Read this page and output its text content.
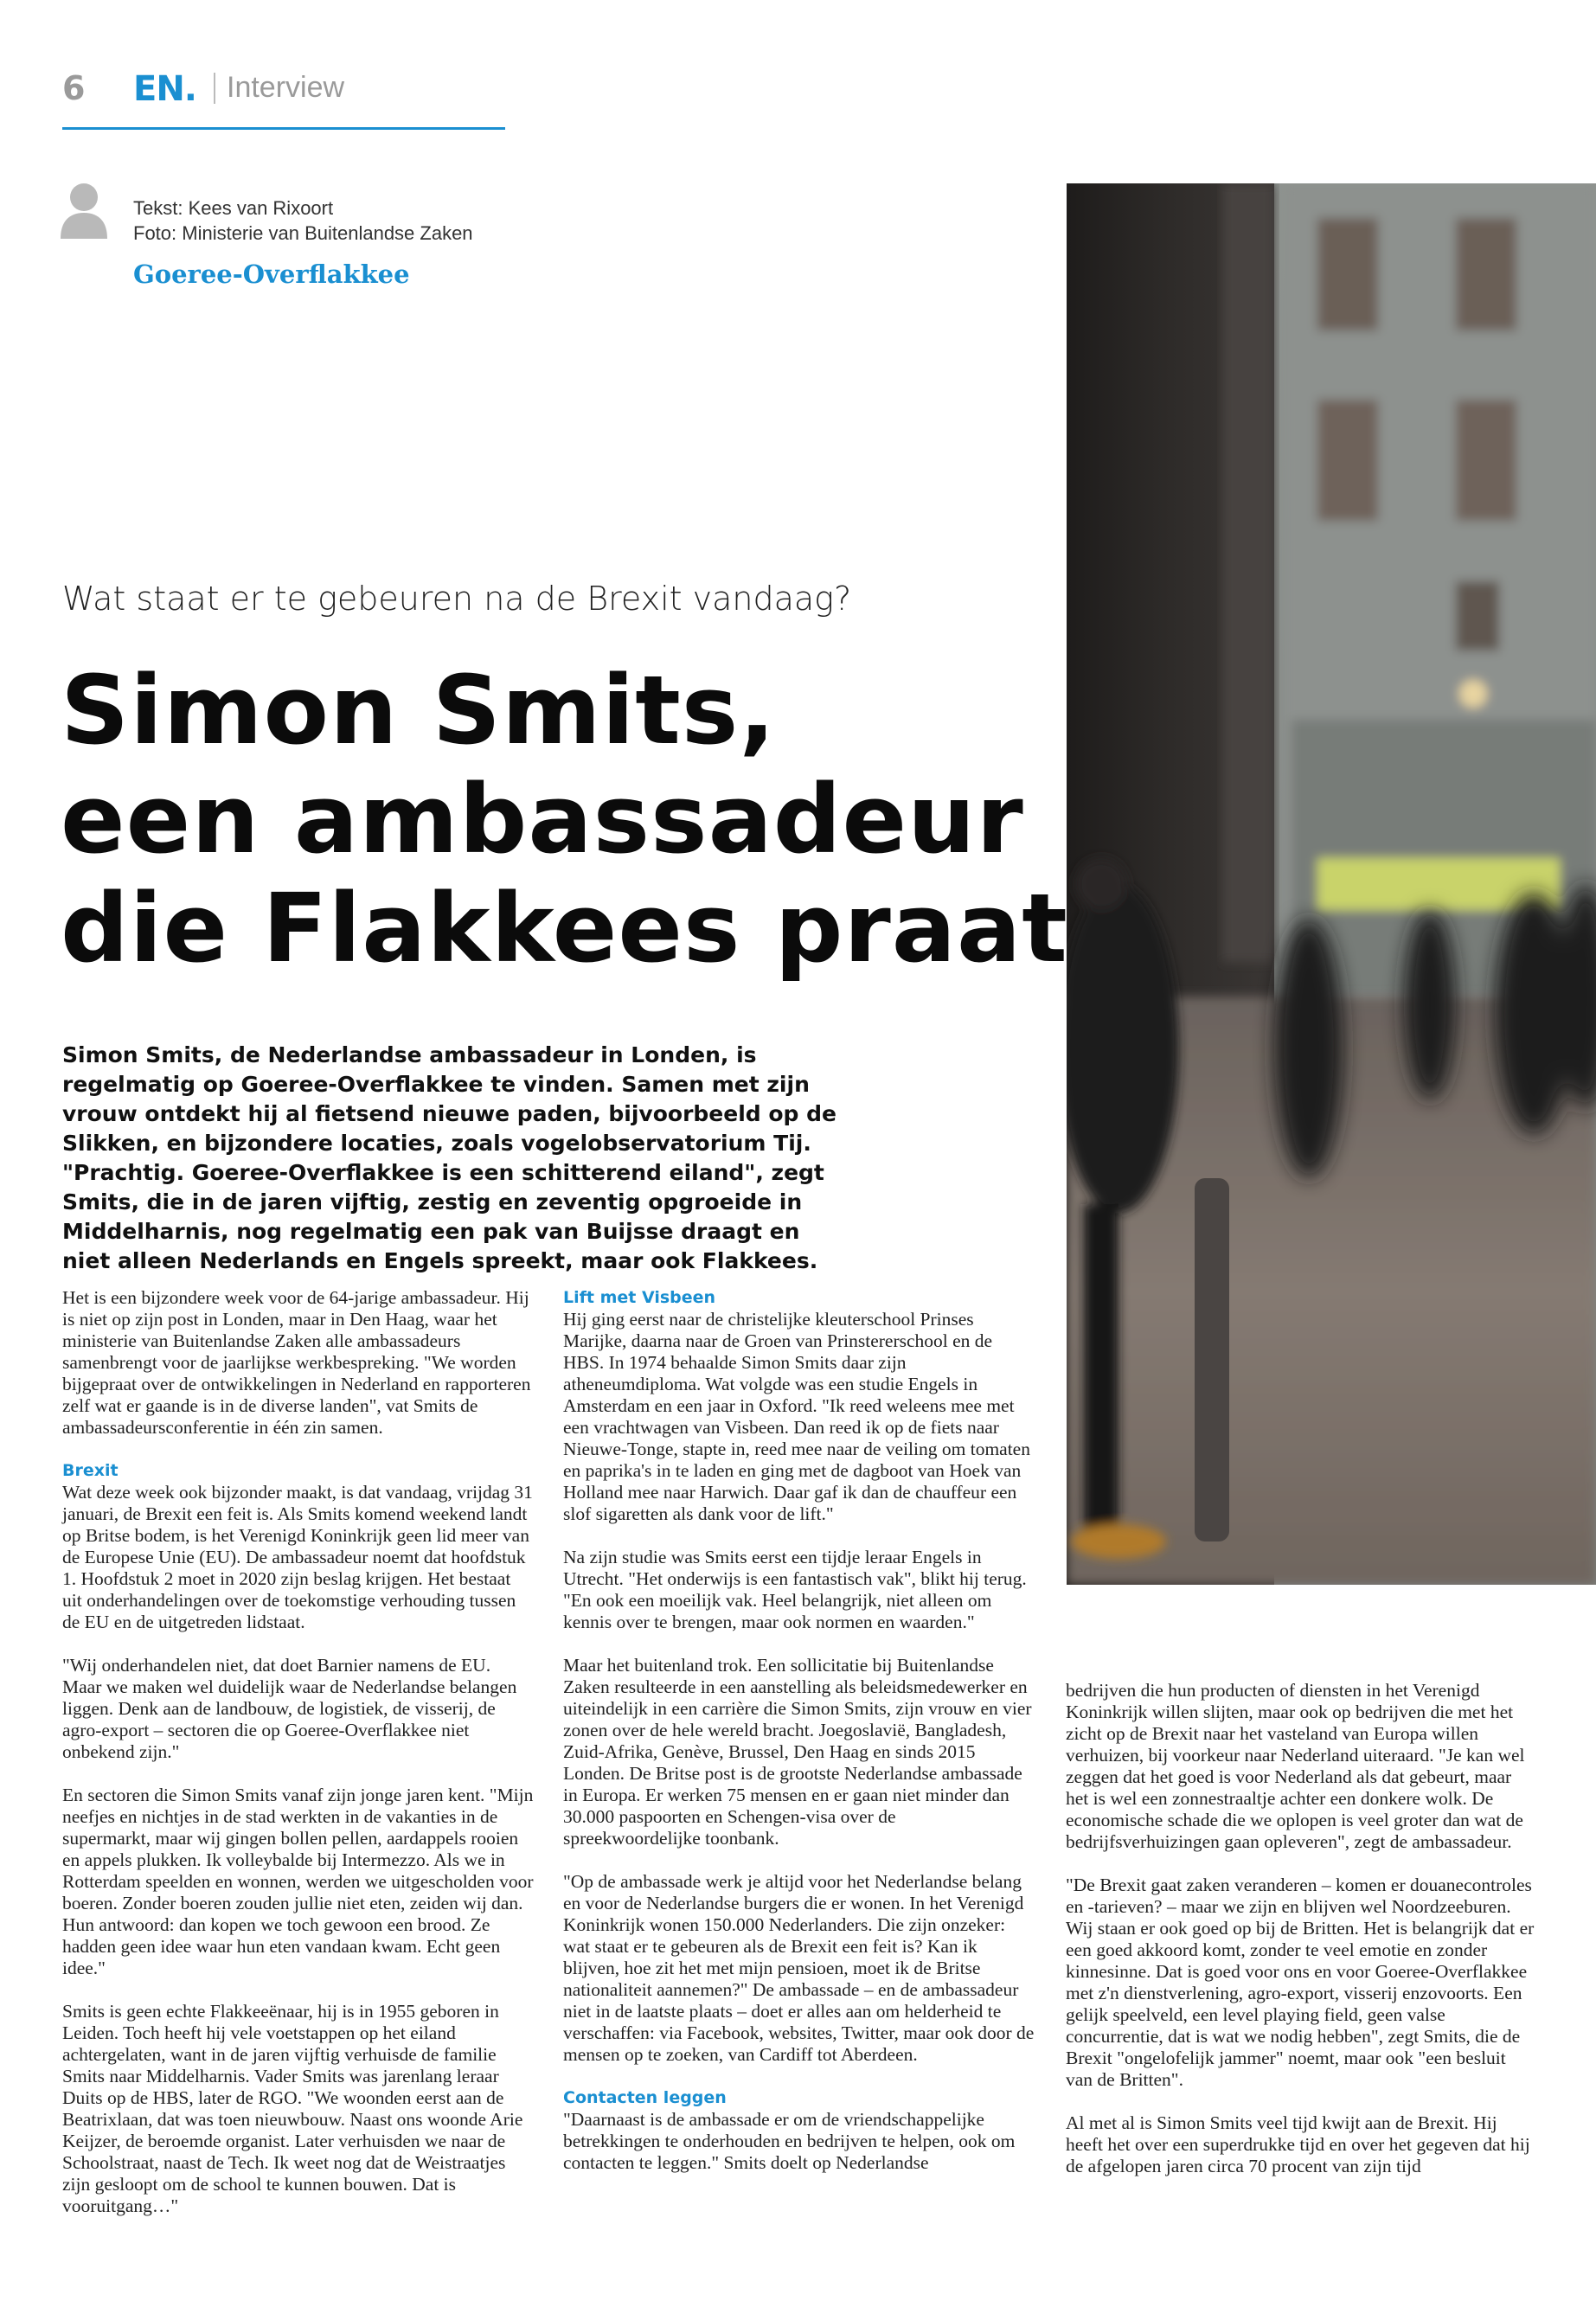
6 EN. Interview
Tekst: Kees van Rixoort
Foto: Ministerie van Buitenlandse Zaken
Goeree-Overflakkee
Wat staat er te gebeuren na de Brexit vandaag?
Simon Smits,
een ambassadeur
die Flakkees praat
Simon Smits, de Nederlandse ambassadeur in Londen, is regelmatig op Goeree-Overflakkee te vinden. Samen met zijn vrouw ontdekt hij al fietsend nieuwe paden, bijvoorbeeld op de Slikken, en bijzondere locaties, zoals vogelobservatorium Tij. "Prachtig. Goeree-Overflakkee is een schitterend eiland", zegt Smits, die in de jaren vijftig, zestig en zeventig opgroeide in Middelharnis, nog regelmatig een pak van Buijsse draagt en niet alleen Nederlands en Engels spreekt, maar ook Flakkees.

Het is een bijzondere week voor de 64-jarige ambassadeur. Hij is niet op zijn post in Londen, maar in Den Haag, waar het ministerie van Buitenlandse Zaken alle ambassadeurs samenbrengt voor de jaarlijkse werkbespreking. "We worden bijgepraat over de ontwikkelingen in Nederland en rapporteren zelf wat er gaande is in de diverse landen", vat Smits de ambassadeursconferentie in één zin samen.

Brexit

Wat deze week ook bijzonder maakt, is dat vandaag, vrijdag 31 januari, de Brexit een feit is. Als Smits komend weekend landt op Britse bodem, is het Verenigd Koninkrijk geen lid meer van de Europese Unie (EU). De ambassadeur noemt dat hoofdstuk 1. Hoofdstuk 2 moet in 2020 zijn beslag krijgen. Het bestaat uit onderhandelingen over de toekomstige verhouding tussen de EU en de uitgetreden lidstaat.

"Wij onderhandelen niet, dat doet Barnier namens de EU. Maar we maken wel duidelijk waar de Nederlandse belangen liggen. Denk aan de landbouw, de logistiek, de visserij, de agro-export – sectoren die op Goeree-Overflakkee niet onbekend zijn."

En sectoren die Simon Smits vanaf zijn jonge jaren kent. "Mijn neefjes en nichtjes in de stad werkten in de vakanties in de supermarkt, maar wij gingen bollen pellen, aardappels rooien en appels plukken. Ik volleybalde bij Intermezzo. Als we in Rotterdam speelden en wonnen, werden we uitgescholden voor boeren. Zonder boeren zouden jullie niet eten, zeiden wij dan. Hun antwoord: dan kopen we toch gewoon een brood. Ze hadden geen idee waar hun eten vandaan kwam. Echt geen idee."

Smits is geen echte Flakkeeënaar, hij is in 1955 geboren in Leiden. Toch heeft hij vele voetstappen op het eiland achtergelaten, want in de jaren vijftig verhuisde de familie Smits naar Middelharnis. Vader Smits was jarenlang leraar Duits op de HBS, later de RGO. "We woonden eerst aan de Beatrixlaan, dat was toen nieuwbouw. Naast ons woonde Arie Keijzer, de beroemde organist. Later verhuisden we naar de Schoolstraat, naast de Tech. Ik weet nog dat de Weistraatjes zijn gesloopt om de school te kunnen bouwen. Dat is vooruitgang…"

Lift met Visbeen

Hij ging eerst naar de christelijke kleuterschool Prinses Marijke, daarna naar de Groen van Prinstererschool en de HBS. In 1974 behaalde Simon Smits daar zijn atheneumdiploma. Wat volgde was een studie Engels in Amsterdam en een jaar in Oxford. "Ik reed weleens mee met een vrachtwagen van Visbeen. Dan reed ik op de fiets naar Nieuwe-Tonge, stapte in, reed mee naar de veiling om tomaten en paprika's in te laden en ging met de dagboot van Hoek van Holland mee naar Harwich. Daar gaf ik dan de chauffeur een slof sigaretten als dank voor de lift."

Na zijn studie was Smits eerst een tijdje leraar Engels in Utrecht. "Het onderwijs is een fantastisch vak", blikt hij terug. "En ook een moeilijk vak. Heel belangrijk, niet alleen om kennis over te brengen, maar ook normen en waarden."

Maar het buitenland trok. Een sollicitatie bij Buitenlandse Zaken resulteerde in een aanstelling als beleidsmedewerker en uiteindelijk in een carrière die Simon Smits, zijn vrouw en vier zonen over de hele wereld bracht. Joegoslavië, Bangladesh, Zuid-Afrika, Genève, Brussel, Den Haag en sinds 2015 Londen. De Britse post is de grootste Nederlandse ambassade in Europa. Er werken 75 mensen en er gaan niet minder dan 30.000 paspoorten en Schengen-visa over de spreekwoordelijke toonbank.

"Op de ambassade werk je altijd voor het Nederlandse belang en voor de Nederlandse burgers die er wonen. In het Verenigd Koninkrijk wonen 150.000 Nederlanders. Die zijn onzeker: wat staat er te gebeuren als de Brexit een feit is? Kan ik blijven, hoe zit het met mijn pensioen, moet ik de Britse nationaliteit aannemen?" De ambassade – en de ambassadeur niet in de laatste plaats – doet er alles aan om helderheid te verschaffen: via Facebook, websites, Twitter, maar ook door de mensen op te zoeken, van Cardiff tot Aberdeen.

Contacten leggen

"Daarnaast is de ambassade er om de vriendschappelijke betrekkingen te onderhouden en bedrijven te helpen, ook om contacten te leggen." Smits doelt op Nederlandse

bedrijven die hun producten of diensten in het Verenigd Koninkrijk willen slijten, maar ook op bedrijven die met het zicht op de Brexit naar het vasteland van Europa willen verhuizen, bij voorkeur naar Nederland uiteraard. "Je kan wel zeggen dat het goed is voor Nederland als dat gebeurt, maar het is wel een zonnestraaltje achter een donkere wolk. De economische schade die we oplopen is veel groter dan wat de bedrijfsverhuizingen gaan opleveren", zegt de ambassadeur.

"De Brexit gaat zaken veranderen – komen er douanecontroles en -tarieven? – maar we zijn en blijven wel Noordzeeburen. Wij staan er ook goed op bij de Britten. Het is belangrijk dat er een goed akkoord komt, zonder te veel emotie en zonder kinnesinne. Dat is goed voor ons en voor Goeree-Overflakkee met z'n dienstverlening, agro-export, visserij enzovoorts. Een gelijk speelveld, een level playing field, geen valse concurrentie, dat is wat we nodig hebben", zegt Smits, die de Brexit "ongelofelijk jammer" noemt, maar ook "een besluit van de Britten".

Al met al is Simon Smits veel tijd kwijt aan de Brexit. Hij heeft het over een superdrukke tijd en over het gegeven dat hij de afgelopen jaren circa 70 procent van zijn tijd
